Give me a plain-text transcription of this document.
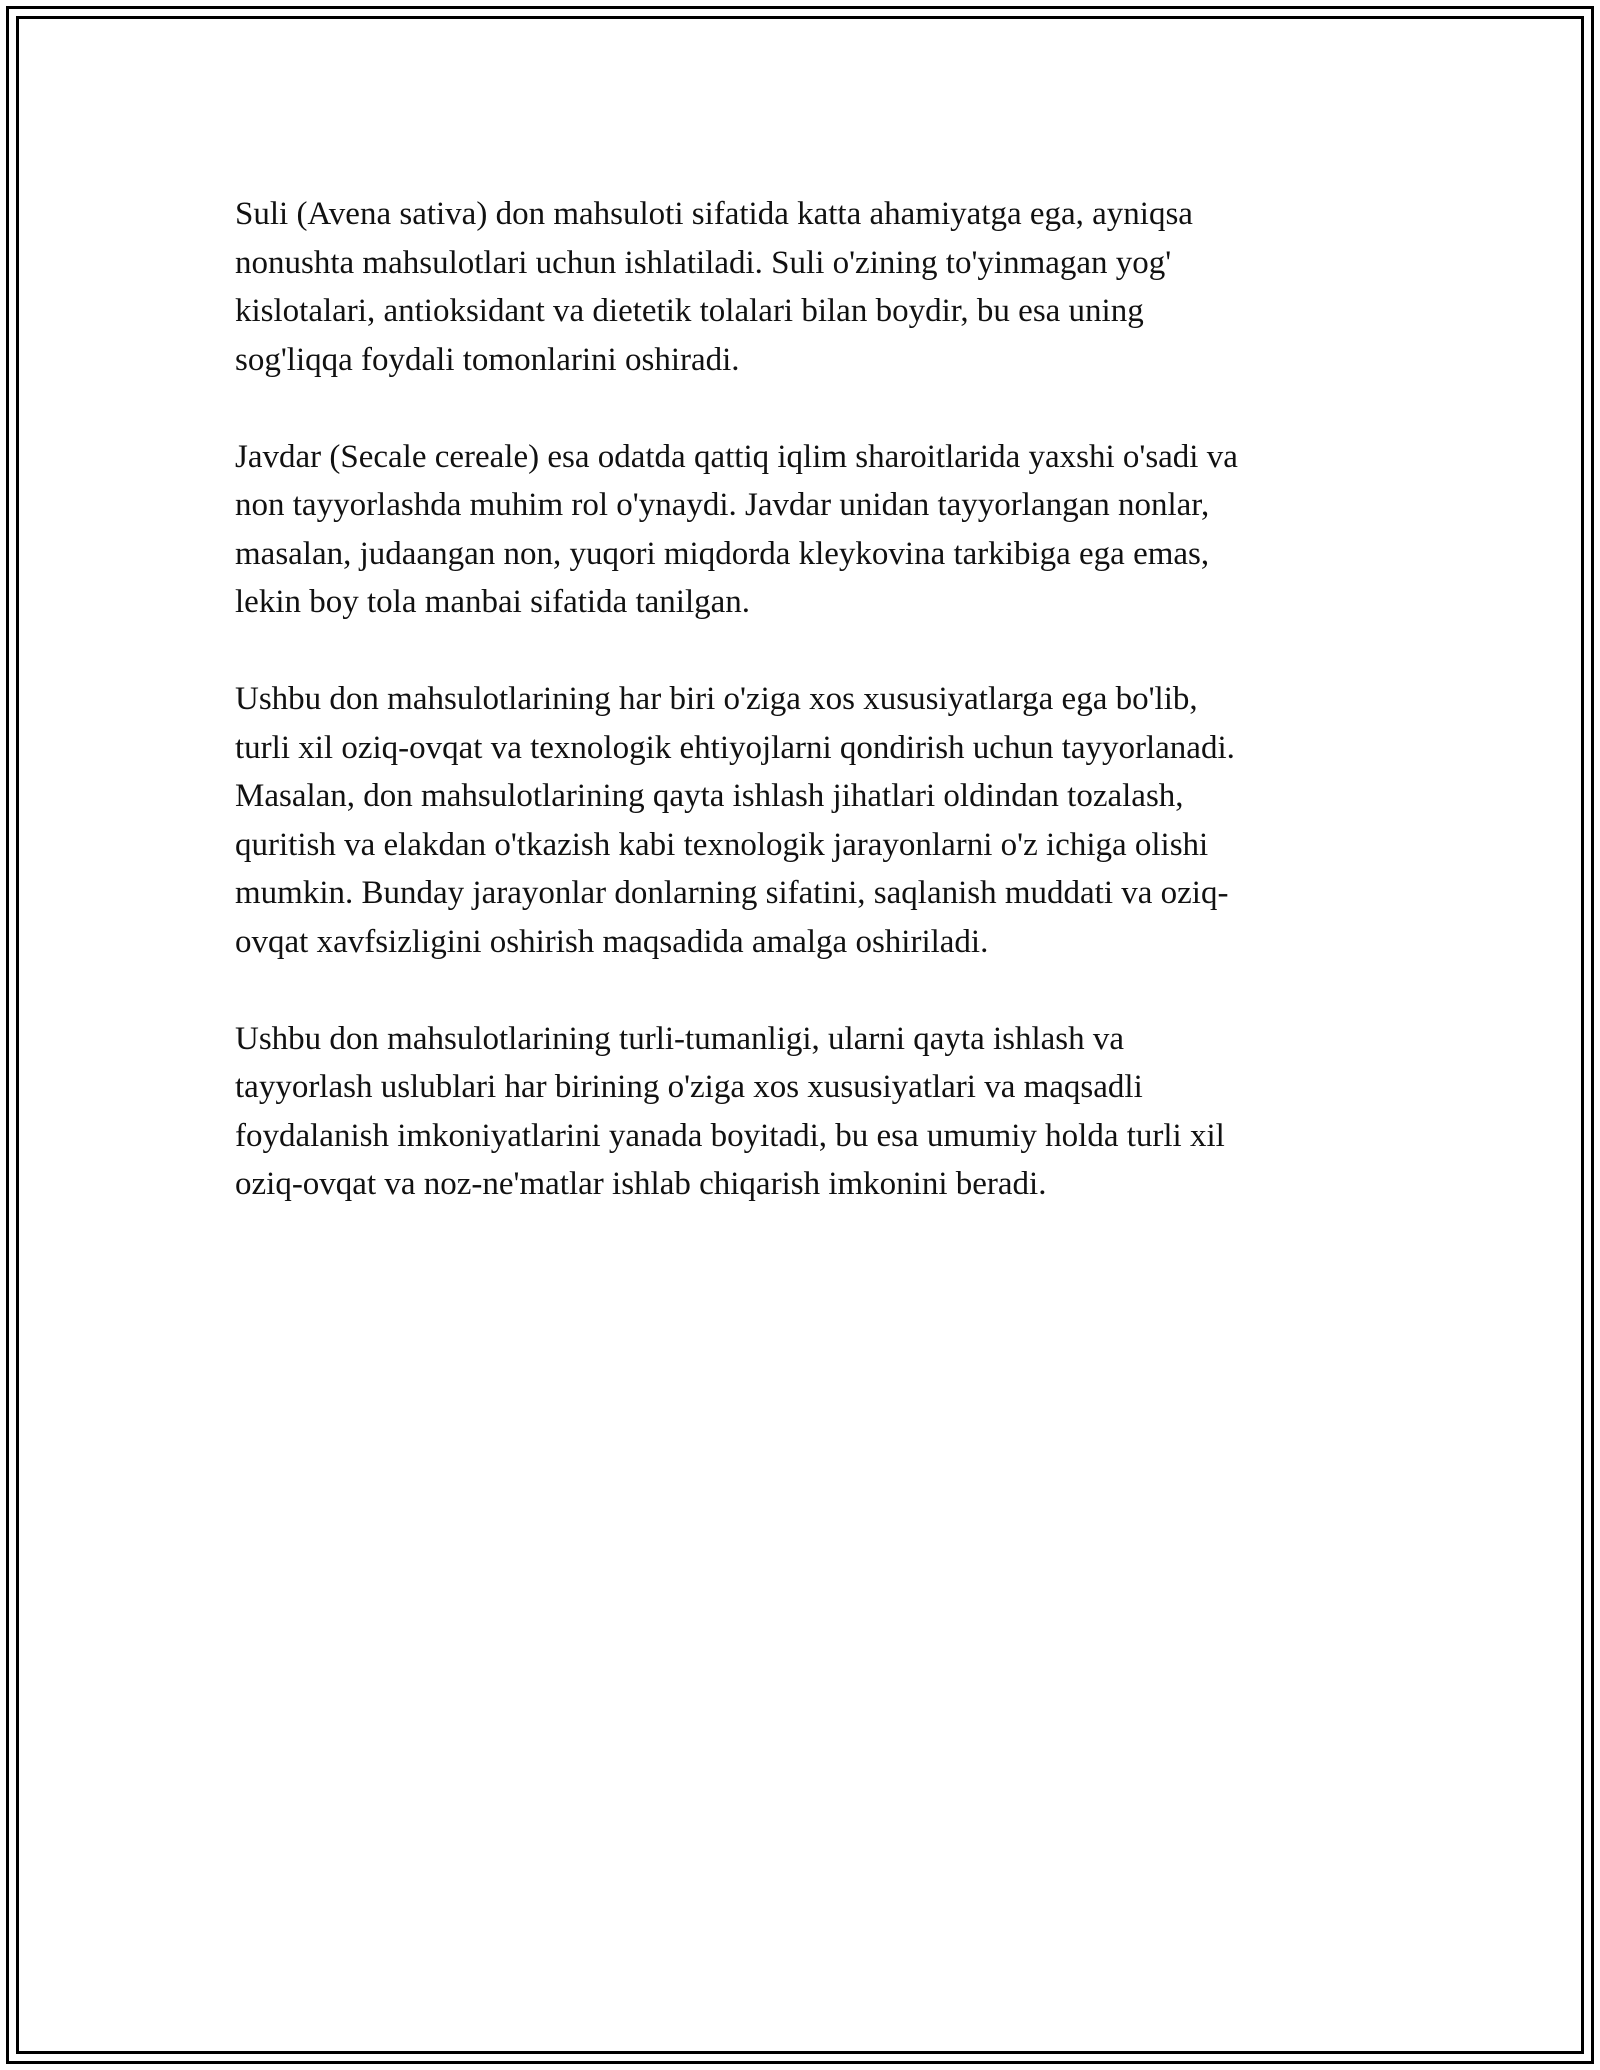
Suli (Avena sativa) don mahsuloti sifatida katta ahamiyatga ega, ayniqsa
nonushta mahsulotlari uchun ishlatiladi. Suli o'zining to'yinmagan yog'
kislotalari, antioksidant va dietetik tolalari bilan boydir, bu esa uning
sog'liqqa foydali tomonlarini oshiradi.

Javdar (Secale cereale) esa odatda qattiq iqlim sharoitlarida yaxshi o'sadi va
non tayyorlashda muhim rol o'ynaydi. Javdar unidan tayyorlangan nonlar,
masalan, judaangan non, yuqori miqdorda kleykovina tarkibiga ega emas,
lekin boy tola manbai sifatida tanilgan.

Ushbu don mahsulotlarining har biri o'ziga xos xususiyatlarga ega bo'lib,
turli xil oziq-ovqat va texnologik ehtiyojlarni qondirish uchun tayyorlanadi.
Masalan, don mahsulotlarining qayta ishlash jihatlari oldindan tozalash,
quritish va elakdan o'tkazish kabi texnologik jarayonlarni o'z ichiga olishi
mumkin. Bunday jarayonlar donlarning sifatini, saqlanish muddati va oziq-
ovqat xavfsizligini oshirish maqsadida amalga oshiriladi.

Ushbu don mahsulotlarining turli-tumanligi, ularni qayta ishlash va
tayyorlash uslublari har birining o'ziga xos xususiyatlari va maqsadli
foydalanish imkoniyatlarini yanada boyitadi, bu esa umumiy holda turli xil
oziq-ovqat va noz-ne'matlar ishlab chiqarish imkonini beradi.
